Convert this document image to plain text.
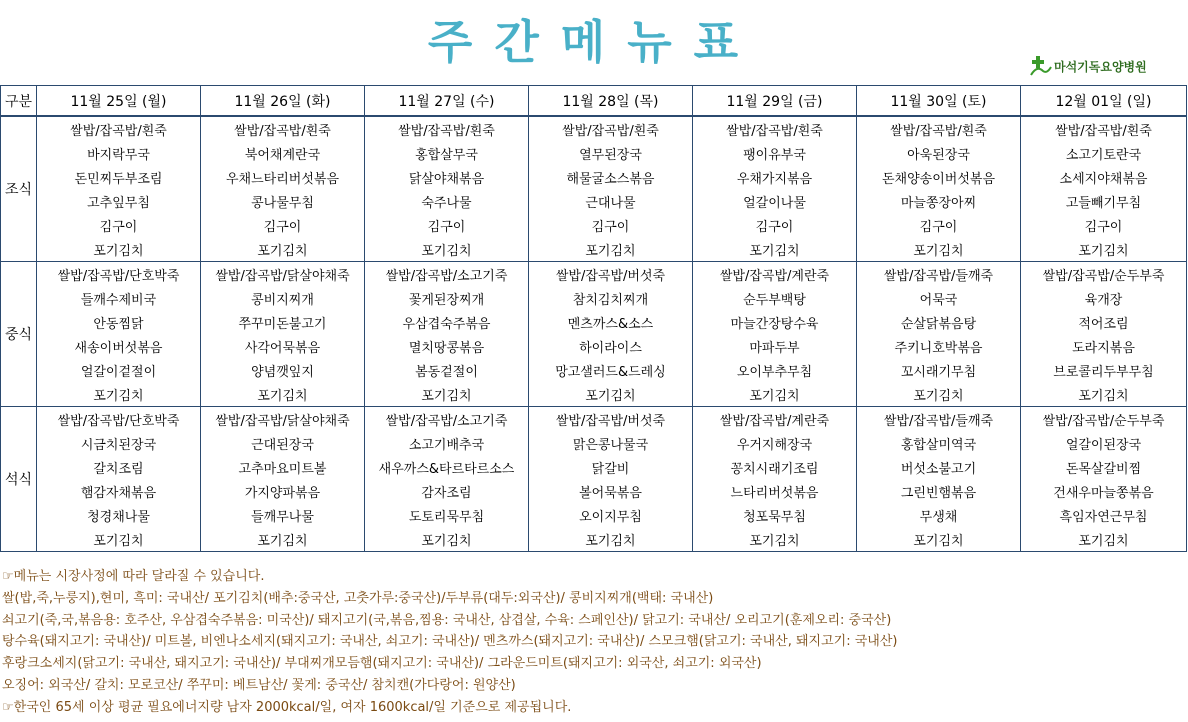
주간메뉴표	마석기독요양병원
구분	11월 25일 (월)	11월 26일 (화)	11월 27일 (수)	11월 28일 (목)	11월 29일 (금)	11월 30일 (토)	12월 01일 (일)
조식	쌀밥/잡곡밥/흰죽	쌀밥/잡곡밥/흰죽	쌀밥/잡곡밥/흰죽	쌀밥/잡곡밥/흰죽	쌀밥/잡곡밥/흰죽	쌀밥/잡곡밥/흰죽	쌀밥/잡곡밥/흰죽
	바지락무국	북어채계란국	홍합살무국	열무된장국	팽이유부국	아욱된장국	소고기토란국
	돈민찌두부조림	우채느타리버섯볶음	닭살야채볶음	해물굴소스볶음	우채가지볶음	돈채양송이버섯볶음	소세지야채볶음
	고추잎무침	콩나물무침	숙주나물	근대나물	얼갈이나물	마늘쫑장아찌	고들빼기무침
	김구이	김구이	김구이	김구이	김구이	김구이	김구이
	포기김치	포기김치	포기김치	포기김치	포기김치	포기김치	포기김치
중식	쌀밥/잡곡밥/단호박죽	쌀밥/잡곡밥/닭살야채죽	쌀밥/잡곡밥/소고기죽	쌀밥/잡곡밥/버섯죽	쌀밥/잡곡밥/계란죽	쌀밥/잡곡밥/들깨죽	쌀밥/잡곡밥/순두부죽
	들깨수제비국	콩비지찌개	꽃게된장찌개	참치김치찌개	순두부백탕	어묵국	육개장
	안동찜닭	쭈꾸미돈불고기	우삼겹숙주볶음	멘츠까스&소스	마늘간장탕수육	순살닭볶음탕	적어조림
	새송이버섯볶음	사각어묵볶음	멸치땅콩볶음	하이라이스	마파두부	주키니호박볶음	도라지볶음
	얼갈이겉절이	양념깻잎지	봄동겉절이	망고샐러드&드레싱	오이부추무침	꼬시래기무침	브로콜리두부무침
	포기김치	포기김치	포기김치	포기김치	포기김치	포기김치	포기김치
석식	쌀밥/잡곡밥/단호박죽	쌀밥/잡곡밥/닭살야채죽	쌀밥/잡곡밥/소고기죽	쌀밥/잡곡밥/버섯죽	쌀밥/잡곡밥/계란죽	쌀밥/잡곡밥/들깨죽	쌀밥/잡곡밥/순두부죽
	시금치된장국	근대된장국	소고기배추국	맑은콩나물국	우거지해장국	홍합살미역국	얼갈이된장국
	갈치조림	고추마요미트볼	새우까스&타르타르소스	닭갈비	꽁치시래기조림	버섯소불고기	돈목살갈비찜
	햄감자채볶음	가지양파볶음	감자조림	볼어묵볶음	느타리버섯볶음	그린빈햄볶음	건새우마늘쫑볶음
	청경채나물	들깨무나물	도토리묵무침	오이지무침	청포묵무침	무생채	흑임자연근무침
	포기김치	포기김치	포기김치	포기김치	포기김치	포기김치	포기김치
☞메뉴는 시장사정에 따라 달라질 수 있습니다.
쌀(밥,죽,누룽지),현미, 흑미: 국내산/ 포기김치(배추:중국산, 고춧가루:중국산)/두부류(대두:외국산)/ 콩비지찌개(백태: 국내산)
쇠고기(죽,국,볶음용: 호주산, 우삼겹숙주볶음: 미국산)/ 돼지고기(국,볶음,찜용: 국내산, 삼겹살, 수육: 스페인산)/ 닭고기: 국내산/ 오리고기(훈제오리: 중국산)
탕수육(돼지고기: 국내산)/ 미트볼, 비엔나소세지(돼지고기: 국내산, 쇠고기: 국내산)/ 멘츠까스(돼지고기: 국내산)/ 스모크햄(닭고기: 국내산, 돼지고기: 국내산)
후랑크소세지(닭고기: 국내산, 돼지고기: 국내산)/ 부대찌개모듬햄(돼지고기: 국내산)/ 그라운드미트(돼지고기: 외국산, 쇠고기: 외국산)
오징어: 외국산/ 갈치: 모로코산/ 쭈꾸미: 베트남산/ 꽃게: 중국산/ 참치캔(가다랑어: 원양산)
☞한국인 65세 이상 평균 필요에너지량 남자 2000kcal/일, 여자 1600kcal/일 기준으로 제공됩니다.
